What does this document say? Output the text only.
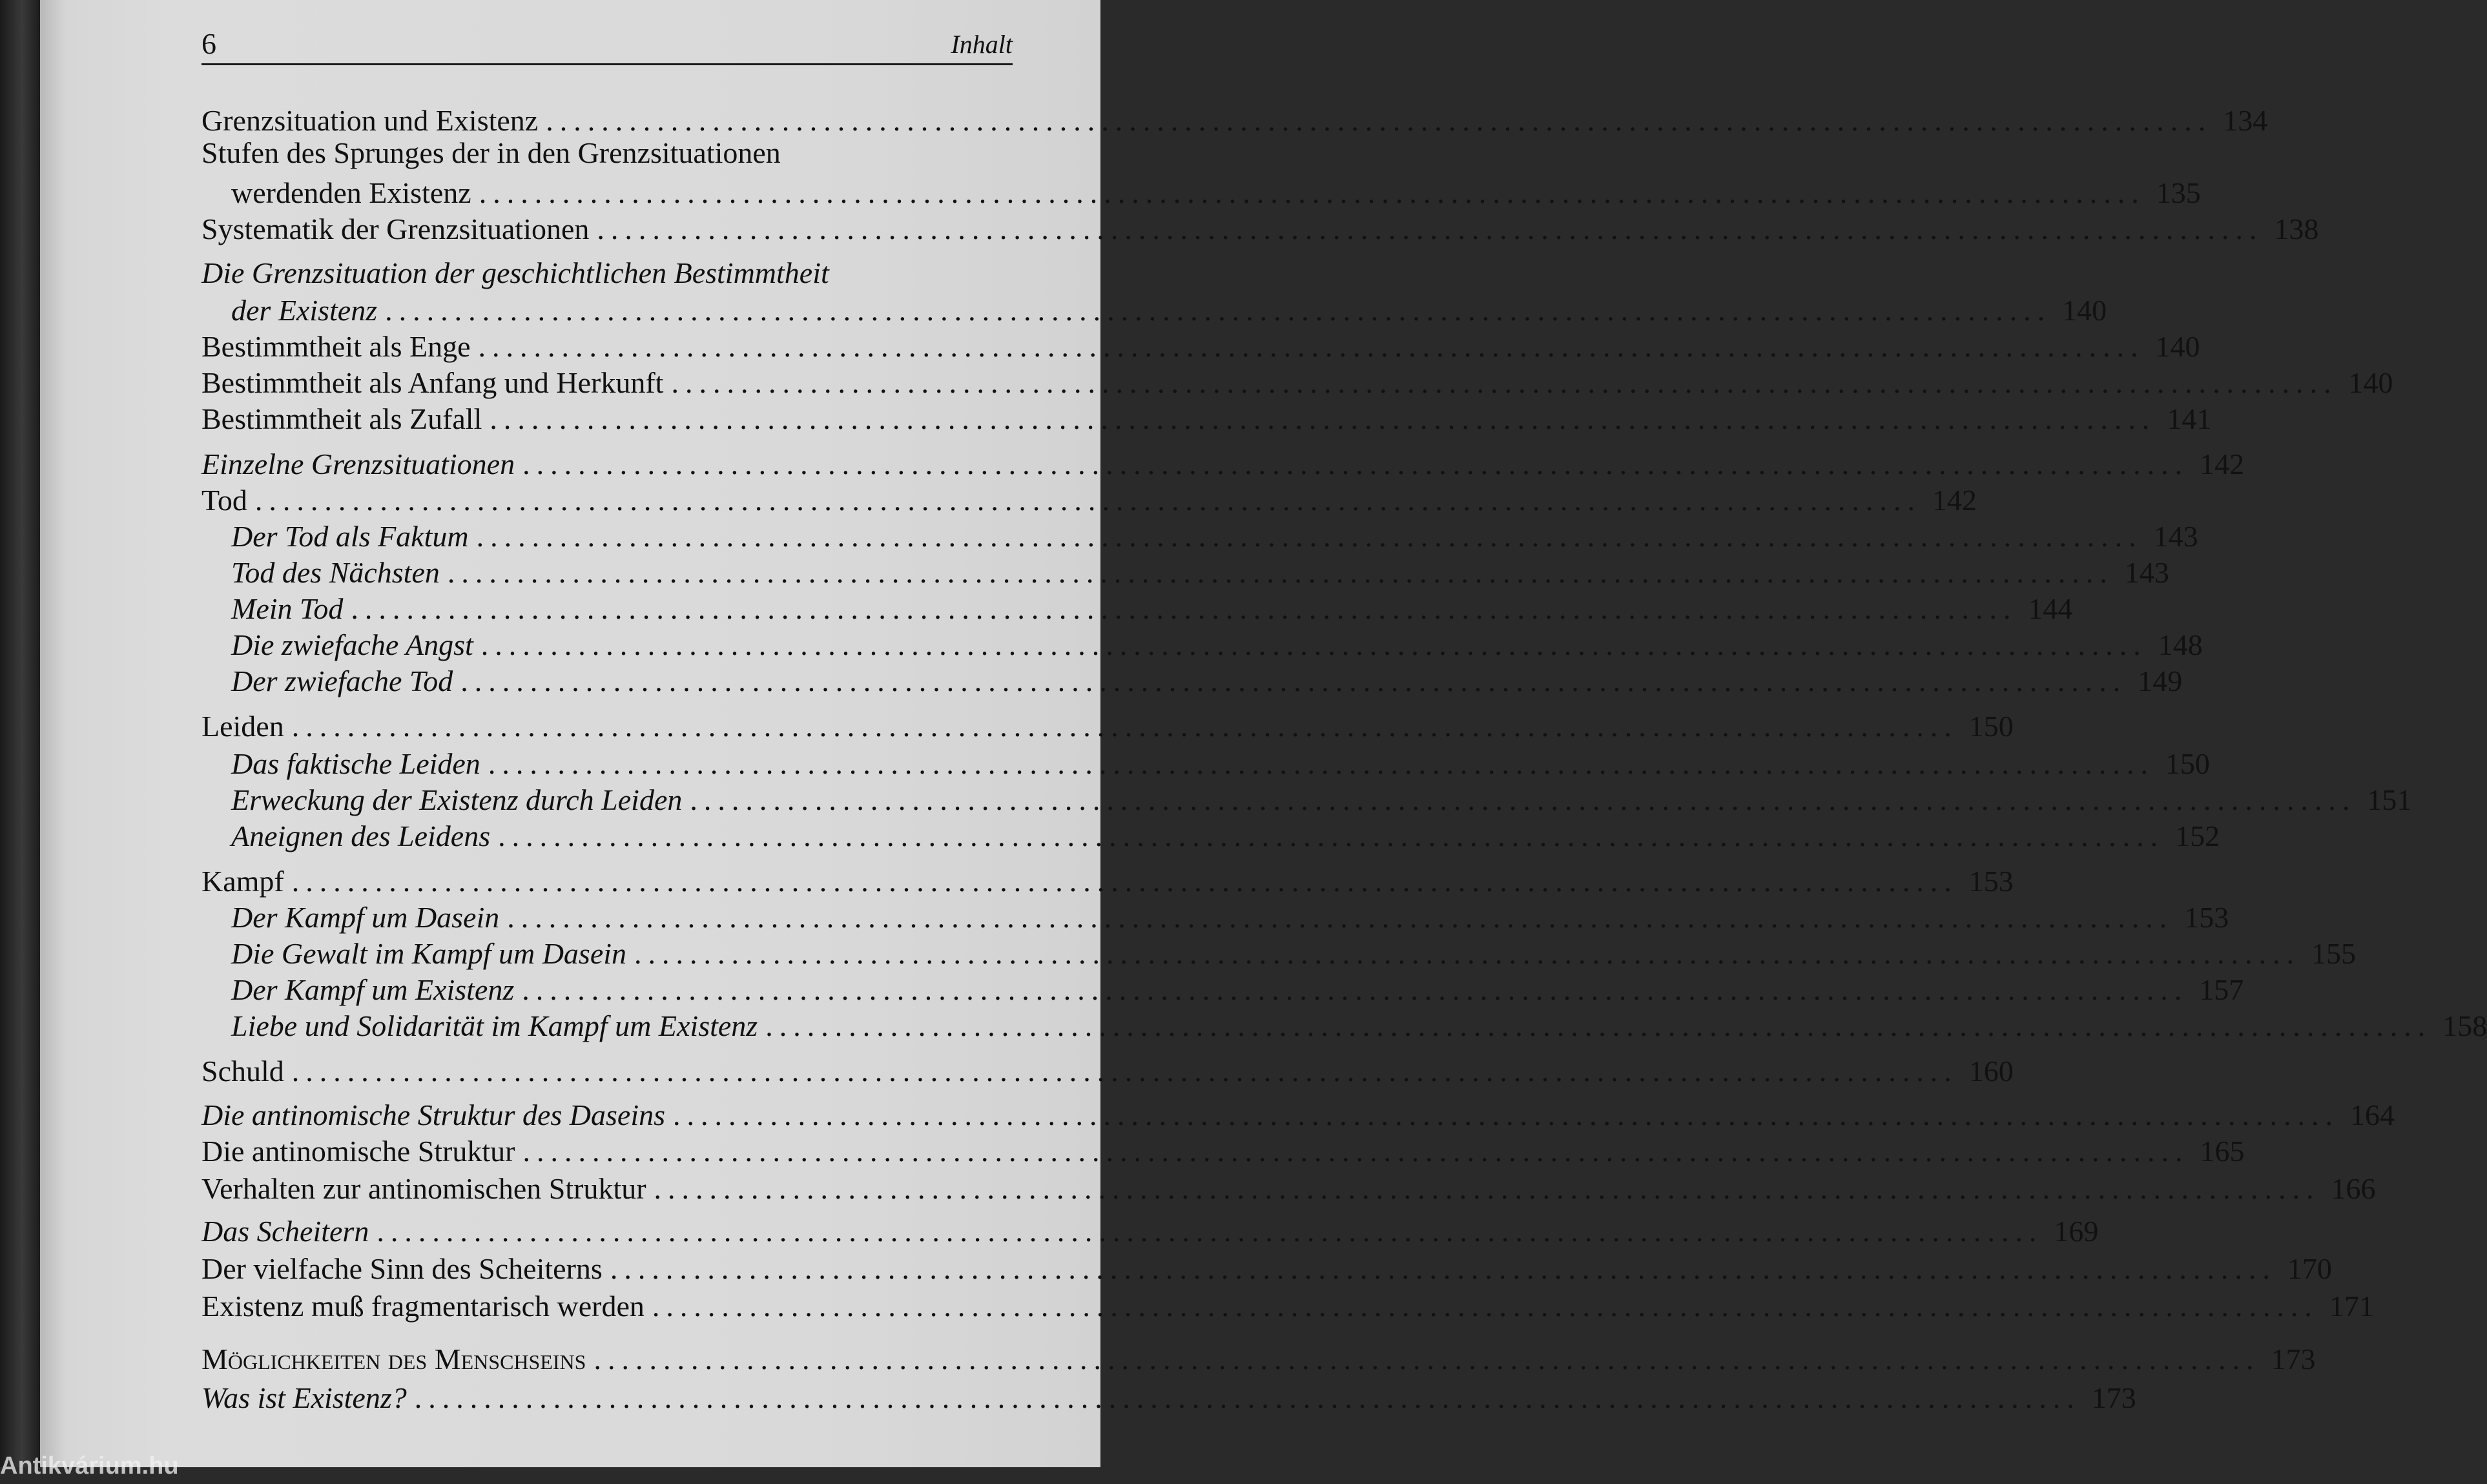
6	Inhalt
Grenzsituation und Existenz ........................................................................................................................ 134
Stufen des Sprunges der in den Grenzsituationen
werdenden Existenz ........................................................................................................................ 135
Systematik der Grenzsituationen ........................................................................................................................ 138
Die Grenzsituation der geschichtlichen Bestimmtheit
der Existenz ........................................................................................................................ 140
Bestimmtheit als Enge ........................................................................................................................ 140
Bestimmtheit als Anfang und Herkunft ........................................................................................................................ 140
Bestimmtheit als Zufall ........................................................................................................................ 141
Einzelne Grenzsituationen ........................................................................................................................ 142
Tod ........................................................................................................................ 142
Der Tod als Faktum ........................................................................................................................ 143
Tod des Nächsten ........................................................................................................................ 143
Mein Tod ........................................................................................................................ 144
Die zwiefache Angst ........................................................................................................................ 148
Der zwiefache Tod ........................................................................................................................ 149
Leiden ........................................................................................................................ 150
Das faktische Leiden ........................................................................................................................ 150
Erweckung der Existenz durch Leiden ........................................................................................................................ 151
Aneignen des Leidens ........................................................................................................................ 152
Kampf ........................................................................................................................ 153
Der Kampf um Dasein ........................................................................................................................ 153
Die Gewalt im Kampf um Dasein ........................................................................................................................ 155
Der Kampf um Existenz ........................................................................................................................ 157
Liebe und Solidarität im Kampf um Existenz ........................................................................................................................ 158
Schuld ........................................................................................................................ 160
Die antinomische Struktur des Daseins ........................................................................................................................ 164
Die antinomische Struktur ........................................................................................................................ 165
Verhalten zur antinomischen Struktur ........................................................................................................................ 166
Das Scheitern ........................................................................................................................ 169
Der vielfache Sinn des Scheiterns ........................................................................................................................ 170
Existenz muß fragmentarisch werden ........................................................................................................................ 171
Möglichkeiten des Menschseins ........................................................................................................................ 173
Was ist Existenz? ........................................................................................................................ 173
Antikvárium.hu
